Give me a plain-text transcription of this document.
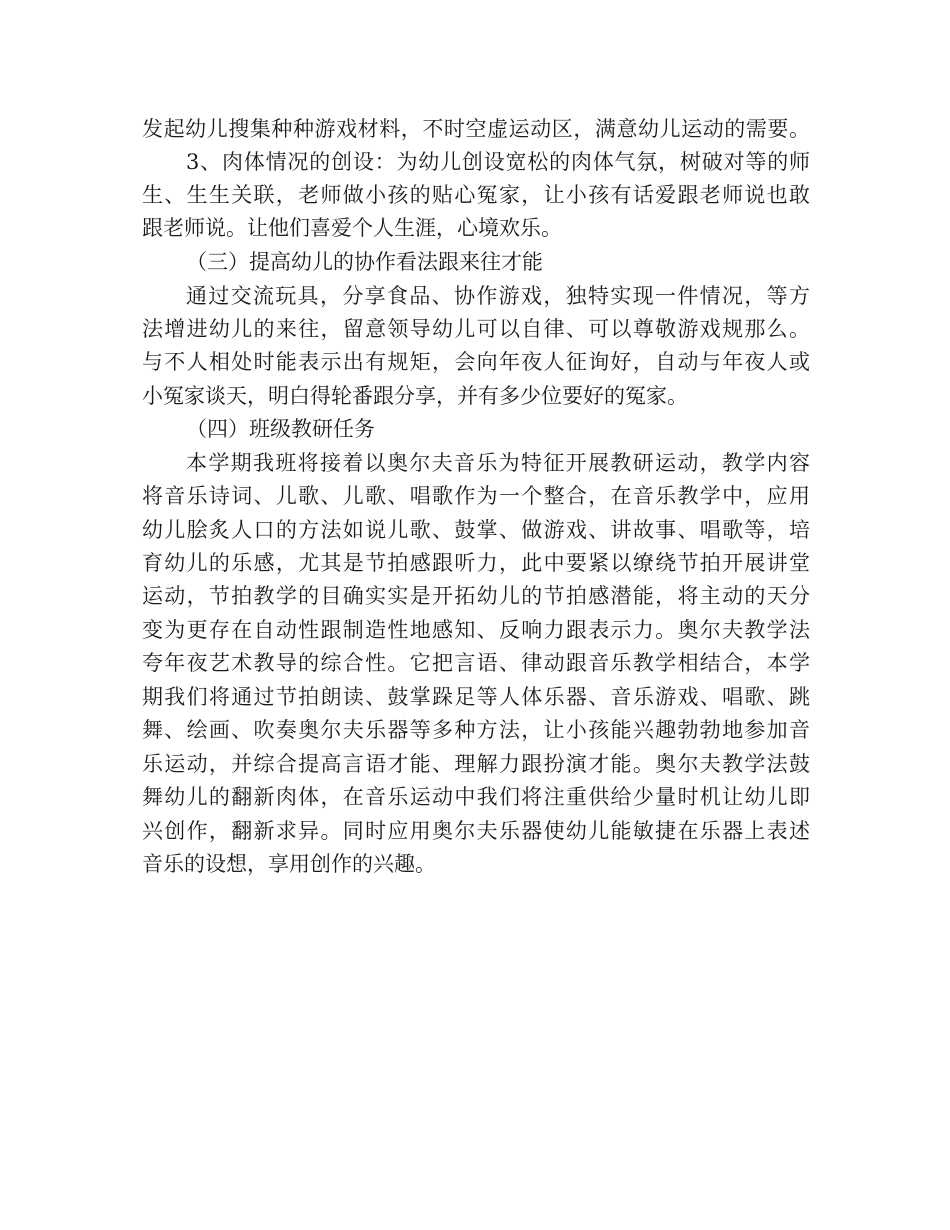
发起幼儿搜集种种游戏材料，不时空虚运动区，满意幼儿运动的需要。
3、肉体情况的创设：为幼儿创设宽松的肉体气氛，树破对等的师
生、生生关联，老师做小孩的贴心冤家，让小孩有话爱跟老师说也敢
跟老师说。让他们喜爱个人生涯，心境欢乐。
（三）提高幼儿的协作看法跟来往才能
通过交流玩具，分享食品、协作游戏，独特实现一件情况，等方
法增进幼儿的来往，留意领导幼儿可以自律、可以尊敬游戏规那么。
与不人相处时能表示出有规矩，会向年夜人征询好，自动与年夜人或
小冤家谈天，明白得轮番跟分享，并有多少位要好的冤家。
（四）班级教研任务
本学期我班将接着以奥尔夫音乐为特征开展教研运动，教学内容
将音乐诗词、儿歌、儿歌、唱歌作为一个整合，在音乐教学中，应用
幼儿脍炙人口的方法如说儿歌、鼓掌、做游戏、讲故事、唱歌等，培
育幼儿的乐感，尤其是节拍感跟听力，此中要紧以缭绕节拍开展讲堂
运动，节拍教学的目确实实是开拓幼儿的节拍感潜能，将主动的天分
变为更存在自动性跟制造性地感知、反响力跟表示力。奥尔夫教学法
夸年夜艺术教导的综合性。它把言语、律动跟音乐教学相结合，本学
期我们将通过节拍朗读、鼓掌跺足等人体乐器、音乐游戏、唱歌、跳
舞、绘画、吹奏奥尔夫乐器等多种方法，让小孩能兴趣勃勃地参加音
乐运动，并综合提高言语才能、理解力跟扮演才能。奥尔夫教学法鼓
舞幼儿的翻新肉体，在音乐运动中我们将注重供给少量时机让幼儿即
兴创作，翻新求异。同时应用奥尔夫乐器使幼儿能敏捷在乐器上表述
音乐的设想，享用创作的兴趣。
